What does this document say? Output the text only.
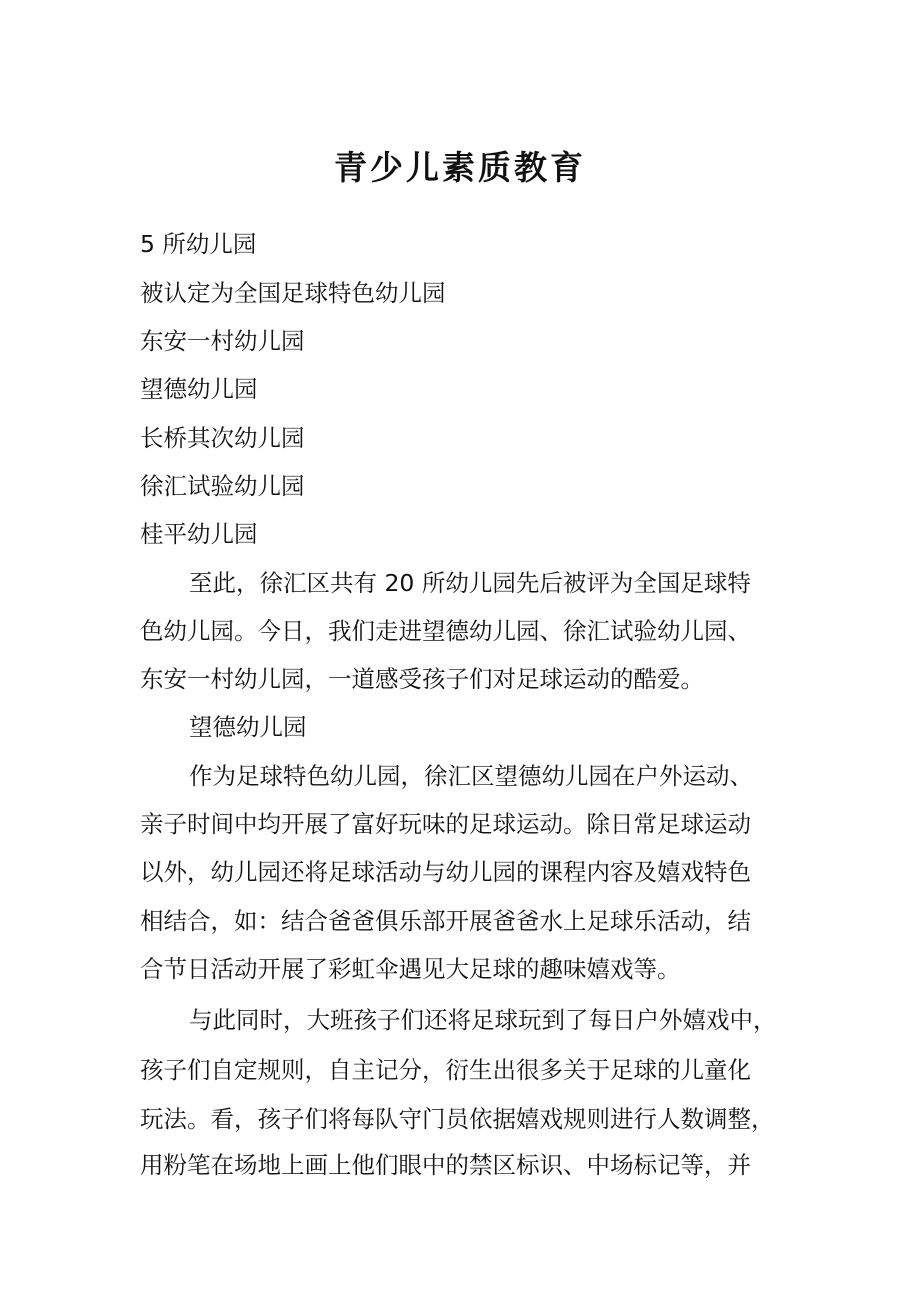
青少儿素质教育
5 所幼儿园
被认定为全国足球特色幼儿园
东安一村幼儿园
望德幼儿园
长桥其次幼儿园
徐汇试验幼儿园
桂平幼儿园
至此，徐汇区共有 20 所幼儿园先后被评为全国足球特
色幼儿园。今日，我们走进望德幼儿园、徐汇试验幼儿园、
东安一村幼儿园，一道感受孩子们对足球运动的酷爱。
望德幼儿园
作为足球特色幼儿园，徐汇区望德幼儿园在户外运动、
亲子时间中均开展了富好玩味的足球运动。除日常足球运动
以外，幼儿园还将足球活动与幼儿园的课程内容及嬉戏特色
相结合，如：结合爸爸俱乐部开展爸爸水上足球乐活动，结
合节日活动开展了彩虹伞遇见大足球的趣味嬉戏等。
与此同时，大班孩子们还将足球玩到了每日户外嬉戏中，
孩子们自定规则，自主记分，衍生出很多关于足球的儿童化
玩法。看，孩子们将每队守门员依据嬉戏规则进行人数调整，
用粉笔在场地上画上他们眼中的禁区标识、中场标记等，并
